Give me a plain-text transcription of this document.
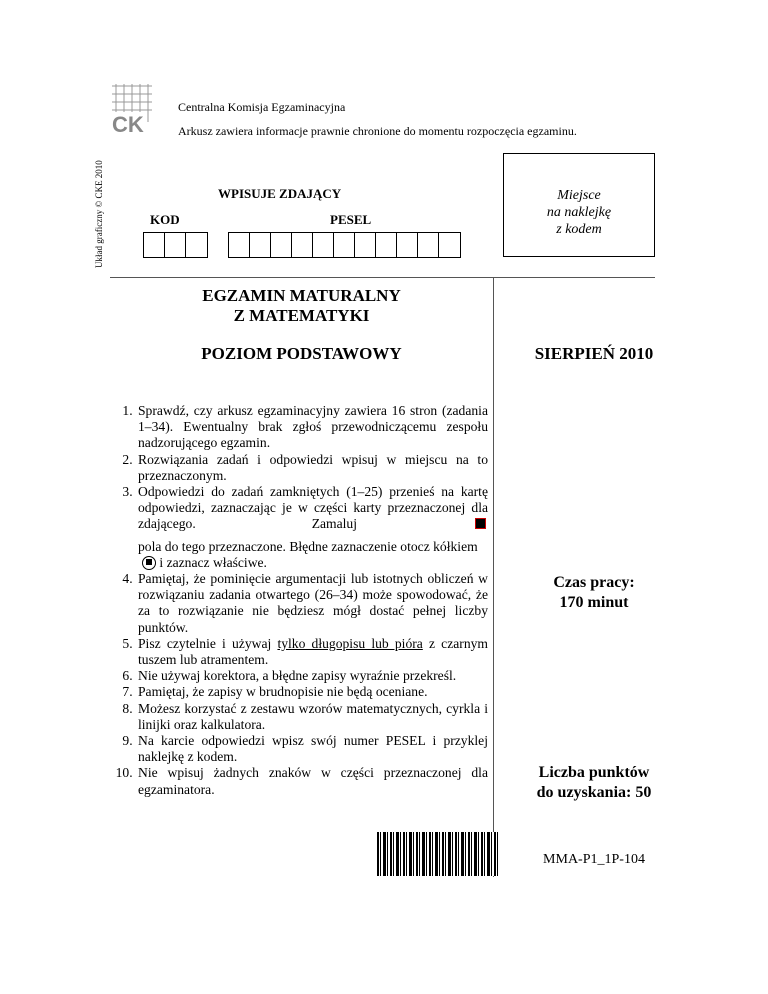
Układ graficzny © CKE 2010
CK
Centralna Komisja Egzaminacyjna
Arkusz zawiera informacje prawnie chronione do momentu rozpoczęcia egzaminu.
WPISUJE ZDAJĄCY
KOD	PESEL
Miejsce
na naklejkę
z kodem
EGZAMIN MATURALNY
Z MATEMATYKI
POZIOM PODSTAWOWY	SIERPIEŃ 2010
1. Sprawdź, czy arkusz egzaminacyjny zawiera 16 stron (zadania 1–34). Ewentualny brak zgłoś przewodniczącemu zespołu nadzorującego egzamin.
2. Rozwiązania zadań i odpowiedzi wpisuj w miejscu na to przeznaczonym.
3. Odpowiedzi do zadań zamkniętych (1–25) przenieś na kartę odpowiedzi, zaznaczając je w części karty przeznaczonej dla zdającego. Zamaluj  pola do tego przeznaczone. Błędne zaznaczenie otocz kółkiem i zaznacz właściwe.
4. Pamiętaj, że pominięcie argumentacji lub istotnych obliczeń w rozwiązaniu zadania otwartego (26–34) może spowodować, że za to rozwiązanie nie będziesz mógł dostać pełnej liczby punktów.
5. Pisz czytelnie i używaj tylko długopisu lub pióra z czarnym tuszem lub atramentem.
6. Nie używaj korektora, a błędne zapisy wyraźnie przekreśl.
7. Pamiętaj, że zapisy w brudnopisie nie będą oceniane.
8. Możesz korzystać z zestawu wzorów matematycznych, cyrkla i linijki oraz kalkulatora.
9. Na karcie odpowiedzi wpisz swój numer PESEL i przyklej naklejkę z kodem.
10. Nie wpisuj żadnych znaków w części przeznaczonej dla egzaminatora.
Czas pracy:
170 minut
Liczba punktów
do uzyskania: 50
MMA-P1_1P-104
